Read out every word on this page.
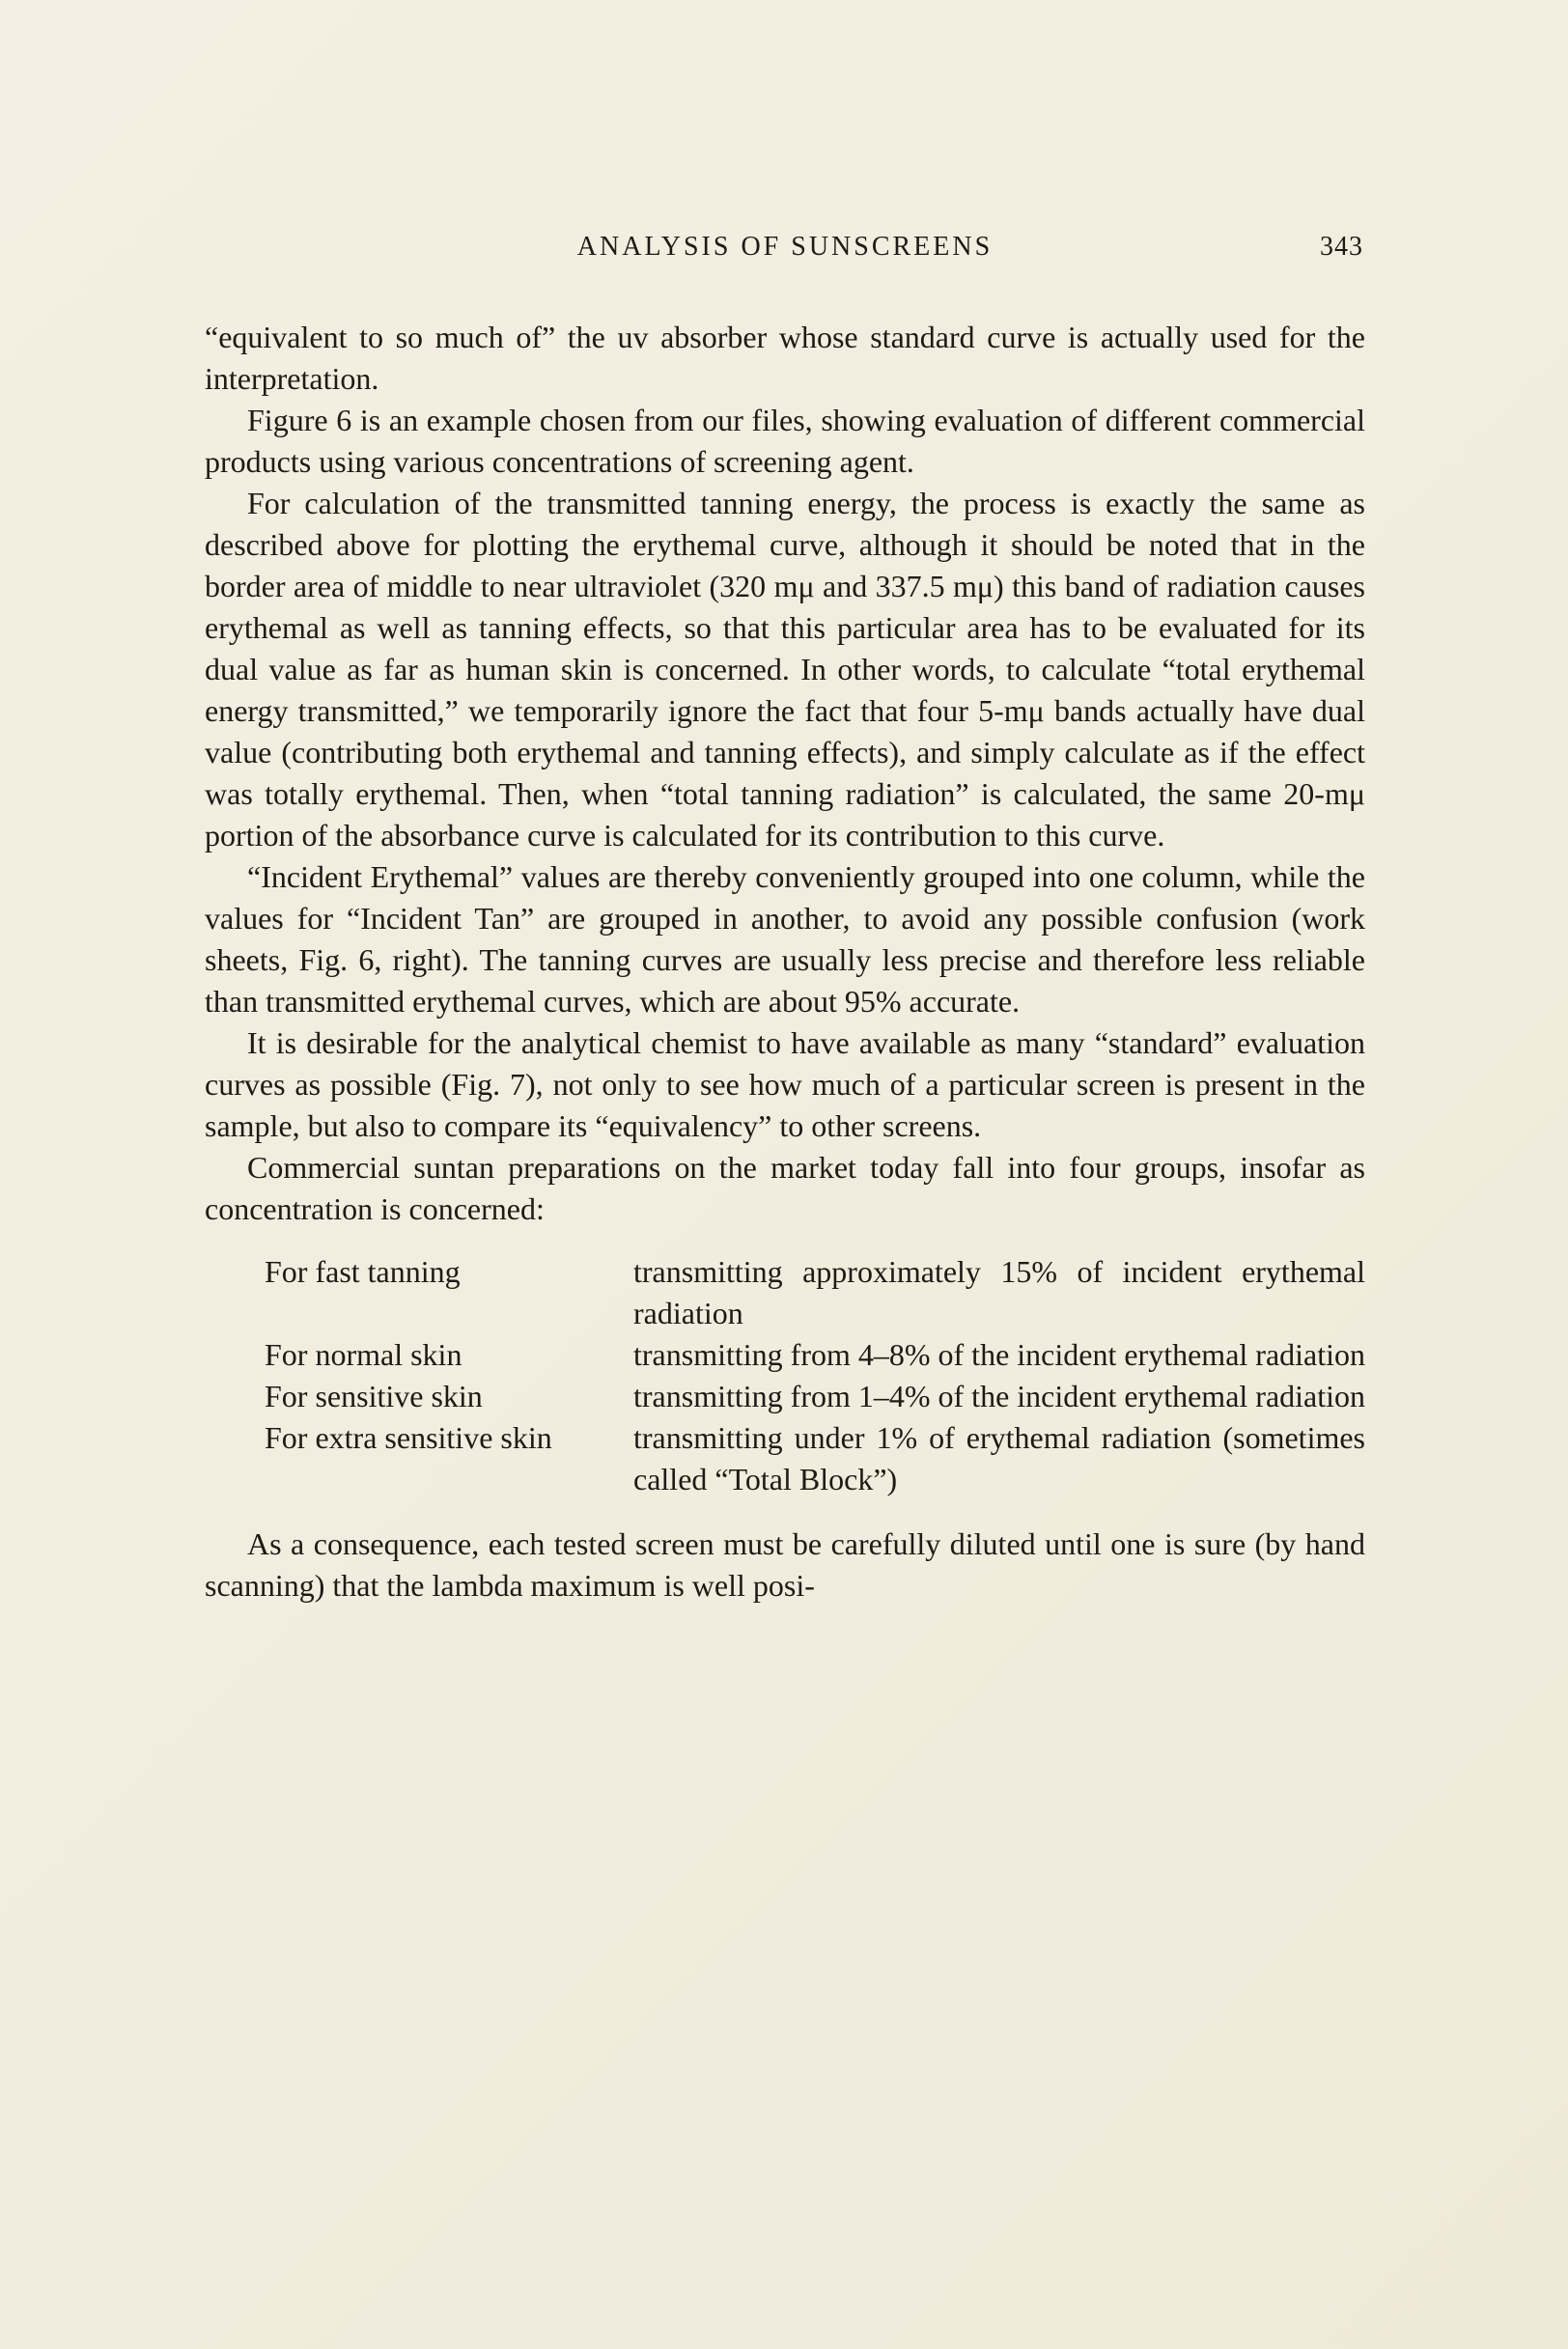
ANALYSIS OF SUNSCREENS	343

“equivalent to so much of” the uv absorber whose standard curve is actually used for the interpretation.

Figure 6 is an example chosen from our files, showing evaluation of different commercial products using various concentrations of screening agent.

For calculation of the transmitted tanning energy, the process is exactly the same as described above for plotting the erythemal curve, although it should be noted that in the border area of middle to near ultraviolet (320 mμ and 337.5 mμ) this band of radiation causes erythemal as well as tanning effects, so that this particular area has to be evaluated for its dual value as far as human skin is concerned. In other words, to calculate “total erythemal energy transmitted,” we temporarily ignore the fact that four 5-mμ bands actually have dual value (contributing both erythemal and tanning effects), and simply calculate as if the effect was totally erythemal. Then, when “total tanning radiation” is calculated, the same 20-mμ portion of the absorbance curve is calculated for its contribution to this curve.

“Incident Erythemal” values are thereby conveniently grouped into one column, while the values for “Incident Tan” are grouped in another, to avoid any possible confusion (work sheets, Fig. 6, right). The tanning curves are usually less precise and therefore less reliable than transmitted erythemal curves, which are about 95% accurate.

It is desirable for the analytical chemist to have available as many “standard” evaluation curves as possible (Fig. 7), not only to see how much of a particular screen is present in the sample, but also to compare its “equivalency” to other screens.

Commercial suntan preparations on the market today fall into four groups, insofar as concentration is concerned:

For fast tanning	transmitting approximately 15% of incident erythemal radiation
For normal skin	transmitting from 4–8% of the incident erythemal radiation
For sensitive skin	transmitting from 1–4% of the incident erythemal radiation
For extra sensitive skin	transmitting under 1% of erythemal radiation (sometimes called “Total Block”)

As a consequence, each tested screen must be carefully diluted until one is sure (by hand scanning) that the lambda maximum is well posi-
